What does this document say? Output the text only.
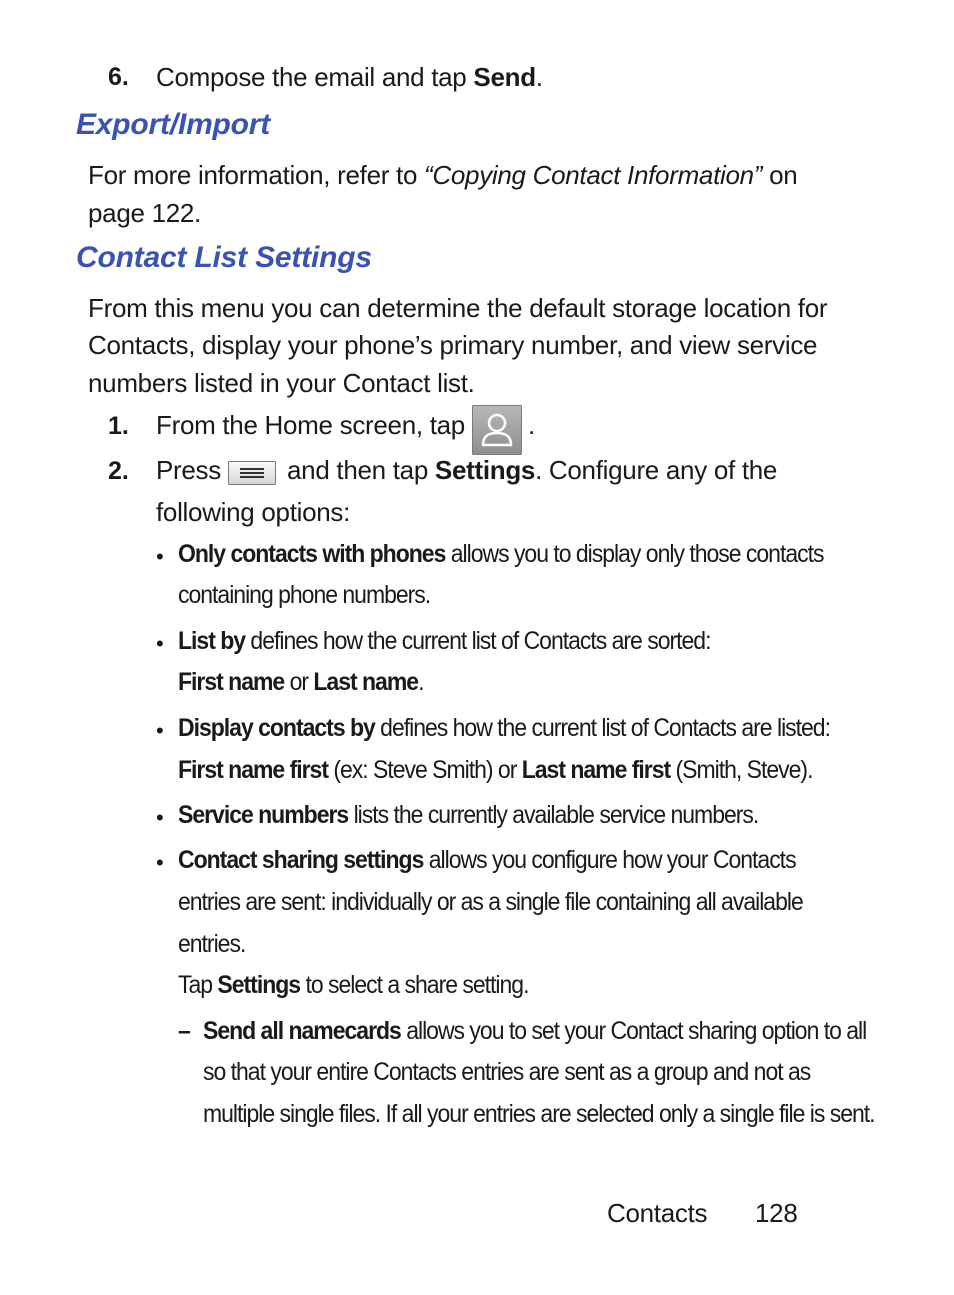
6. Compose the email and tap Send.
Export/Import
For more information, refer to “Copying Contact Information” on
page 122.
Contact List Settings
From this menu you can determine the default storage location for
Contacts, display your phone’s primary number, and view service
numbers listed in your Contact list.
1. From the Home screen, tap .
2. Press	and then tap Settings. Configure any of the
following options:
• Only contacts with phones allows you to display only those contacts
containing phone numbers.
• List by defines how the current list of Contacts are sorted:
First name or Last name.
• Display contacts by defines how the current list of Contacts are listed:
First name first (ex: Steve Smith) or Last name first (Smith, Steve).
• Service numbers lists the currently available service numbers.
• Contact sharing settings allows you configure how your Contacts
entries are sent: individually or as a single file containing all available
entries.
Tap Settings to select a share setting.
– Send all namecards allows you to set your Contact sharing option to all
so that your entire Contacts entries are sent as a group and not as
multiple single files. If all your entries are selected only a single file is sent.
Contacts 128
